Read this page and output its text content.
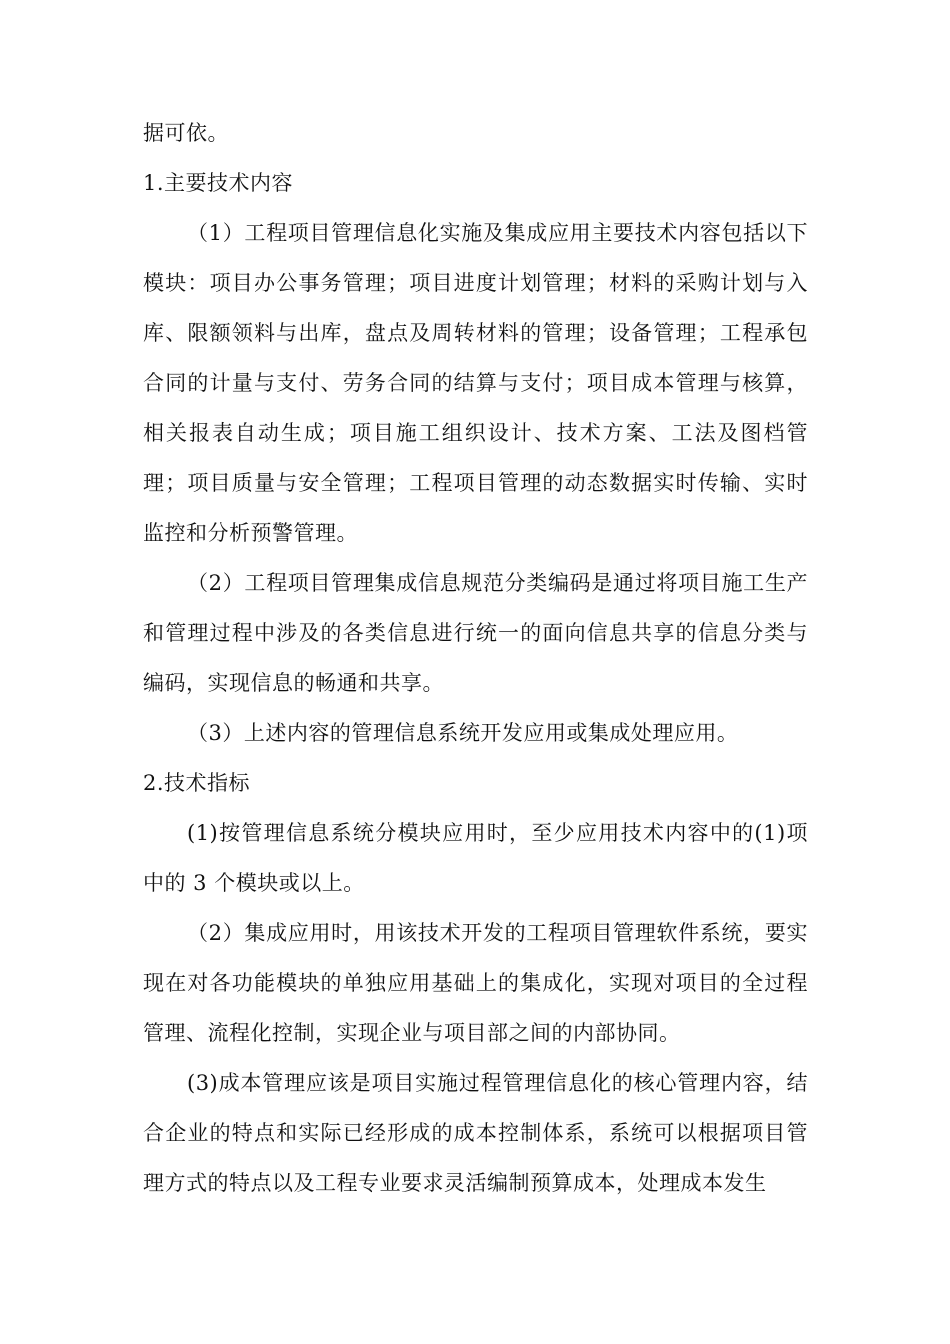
据可依。

1.主要技术内容

（1）工程项目管理信息化实施及集成应用主要技术内容包括以下模块：项目办公事务管理；项目进度计划管理；材料的采购计划与入库、限额领料与出库，盘点及周转材料的管理；设备管理；工程承包合同的计量与支付、劳务合同的结算与支付；项目成本管理与核算，相关报表自动生成；项目施工组织设计、技术方案、工法及图档管理；项目质量与安全管理；工程项目管理的动态数据实时传输、实时监控和分析预警管理。

（2）工程项目管理集成信息规范分类编码是通过将项目施工生产和管理过程中涉及的各类信息进行统一的面向信息共享的信息分类与编码，实现信息的畅通和共享。

（3）上述内容的管理信息系统开发应用或集成处理应用。

2.技术指标

(1)按管理信息系统分模块应用时，至少应用技术内容中的(1)项中的 3 个模块或以上。

（2）集成应用时，用该技术开发的工程项目管理软件系统，要实现在对各功能模块的单独应用基础上的集成化，实现对项目的全过程管理、流程化控制，实现企业与项目部之间的内部协同。

(3)成本管理应该是项目实施过程管理信息化的核心管理内容，结合企业的特点和实际已经形成的成本控制体系，系统可以根据项目管理方式的特点以及工程专业要求灵活编制预算成本，处理成本发生
